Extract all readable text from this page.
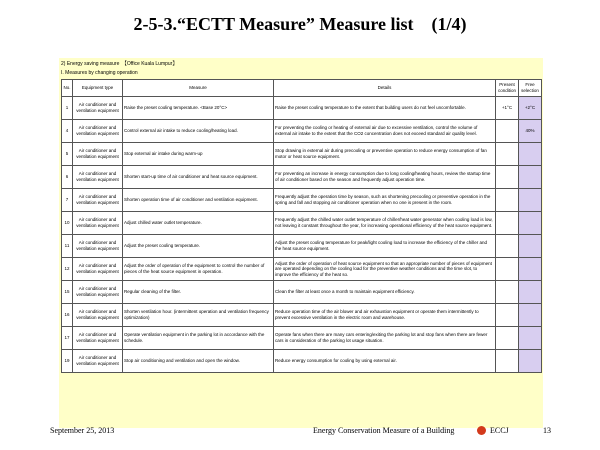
2-5-3.“ECTT Measure” Measure list　(1/4)
2) Energy saving measure　【Office Kuala Lumpur】
I. Measures by changing operation
No.	Equipment type	Measure	Details	Present condition	Free selection
1	Air conditioner and ventilation equipment	Raise the preset cooling temperature. <Base 20°C>	Raise the preset cooling temperature to the extent that building users do not feel uncomfortable.	+1°C	+2°C
4	Air conditioner and ventilation equipment	Control external air intake to reduce cooling/heating load.	For preventing the cooling or heating of external air due to excessive ventilation, control the volume of external air intake to the extent that the CO2 concentration does not exceed standard air quality level.		40%
5	Air conditioner and ventilation equipment	Stop external air intake during warm-up	Stop drawing in external air during precooling or preventive operation to reduce energy consumption of fan motor or heat source equipment.		
6	Air conditioner and ventilation equipment	Shorten start-up time of air conditioner and heat source equipment.	For preventing an increase in energy consumption due to long cooling/heating hours, review the startup time of air conditioner based on the season and frequently adjust operation time.		
7	Air conditioner and ventilation equipment	Shorten operation time of air conditioner and ventilation equipment.	Frequently adjust the operation time by season, such as shortening precooling or preventive operation in the spring and fall and stopping air conditioner operation when no one is present in the room.		
10	Air conditioner and ventilation equipment	Adjust chilled water outlet temperature.	Frequently adjust the chilled water outlet temperature of chiller/heat water generator when cooling load is low, not leaving it constant throughout the year, for increasing operational efficiency of the heat source equipment.		
11	Air conditioner and ventilation equipment	Adjust the preset cooling temperature.	Adjust the preset cooling temperature for peak/light cooling load to increase the efficiency of the chiller and the heat source equipment.		
12	Air conditioner and ventilation equipment	Adjust the order of operation of the equipment to control the number of pieces of the heat source equipment in operation.	Adjust the order of operation of heat source equipment so that an appropriate number of pieces of equipment are operated depending on the cooling load for the preventive weather conditions and the time slot, to improve the efficiency of the heat so.		
15	Air conditioner and ventilation equipment	Regular cleaning of the filter.	Clean the filter at least once a month to maintain equipment efficiency.		
16	Air conditioner and ventilation equipment	Shorten ventilation hour. (intermittent operation and ventilation frequency optimization)	Reduce operation time of the air blower and air exhaustion equipment or operate them intermittently to prevent excessive ventilation in the electric room and warehouse.		
17	Air conditioner and ventilation equipment	Operate ventilation equipment in the parking lot in accordance with the schedule.	Operate fans when there are many cars entering/exiting the parking lot and stop fans when there are fewer cars in consideration of the parking lot usage situation.		
19	Air conditioner and ventilation equipment	Stop air conditioning and ventilation and open the window.	Reduce energy consumption for cooling by using external air.		
September 25, 2013	Energy Conservation Measure of a Building	ECCJ	13
